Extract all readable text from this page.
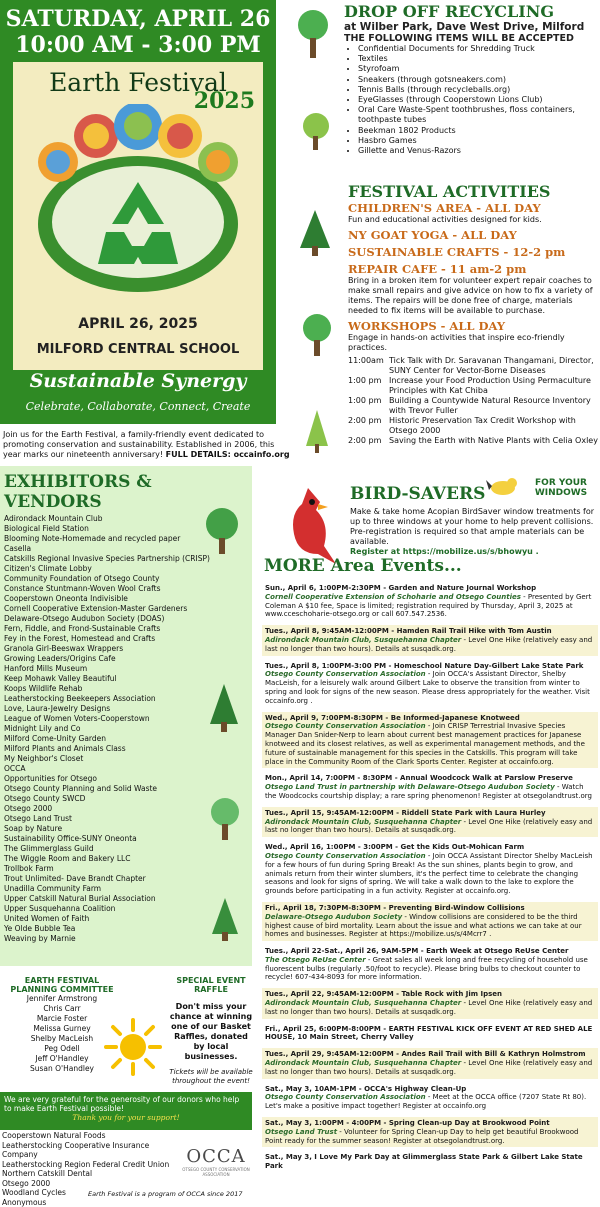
SATURDAY, APRIL 26
10:00 AM - 3:00 PM
Earth Festival
2025
APRIL 26, 2025
MILFORD CENTRAL SCHOOL
Sustainable Synergy
Celebrate, Collaborate, Connect, Create
Join us for the Earth Festival, a family-friendly event dedicated to promoting conservation and sustainability. Established in 2006, this year marks our nineteenth anniversary! FULL DETAILS: occainfo.org
DROP OFF RECYCLING
at Wilber Park, Dave West Drive, Milford
THE FOLLOWING ITEMS WILL BE ACCEPTED
• Confidential Documents for Shredding Truck
• Textiles
• Styrofoam
• Sneakers (through gotsneakers.com)
• Tennis Balls (through recycleballs.org)
• EyeGlasses (through Cooperstown Lions Club)
• Oral Care Waste-Spent toothbrushes, floss containers, toothpaste tubes
• Beekman 1802 Products
• Hasbro Games
• Gillette and Venus-Razors
FESTIVAL ACTIVITIES
CHILDREN'S AREA - ALL DAY
Fun and educational activities designed for kids.
NY GOAT YOGA - ALL DAY
SUSTAINABLE CRAFTS - 12-2 pm
REPAIR CAFE - 11 am-2 pm
Bring in a broken item for volunteer expert repair coaches to make small repairs and give advice on how to fix a variety of items. The repairs will be done free of charge, materials needed to fix items will be available to purchase.
WORKSHOPS - ALL DAY
Engage in hands-on activities that inspire eco-friendly practices.
11:00am Tick Talk with Dr. Saravanan Thangamani, Director, SUNY Center for Vector-Borne Diseases
1:00 pm Increase your Food Production Using Permaculture Principles with Kat Chiba
1:00 pm Building a Countywide Natural Resource Inventory with Trevor Fuller
2:00 pm Historic Preservation Tax Credit Workshop with Otsego 2000
2:00 pm Saving the Earth with Native Plants with Celia Oxley
BIRD-SAVERS
FOR YOUR WINDOWS
Make & take home Acopian BirdSaver window treatments for up to three windows at your home to help prevent collisions. Pre-registration is required so that ample materials can be available.
Register at https://mobilize.us/s/bhowyu .
EXHIBITORS & VENDORS
Adirondack Mountain Club
Biological Field Station
Blooming Note-Homemade and recycled paper
Casella
Catskills Regional Invasive Species Partnership (CRISP)
Citizen's Climate Lobby
Community Foundation of Otsego County
Constance Stuntmann-Woven Wool Crafts
Cooperstown Oneonta Indivisible
Cornell Cooperative Extension-Master Gardeners
Delaware-Otsego Audubon Society (DOAS)
Fern, Fiddle, and Frond-Sustainable Crafts
Fey in the Forest, Homestead and Crafts
Granola Girl-Beeswax Wrappers
Growing Leaders/Origins Cafe
Hanford Mills Museum
Keep Mohawk Valley Beautiful
Koops Wildlife Rehab
Leatherstocking Beekeepers Association
Love, Laura-Jewelry Designs
League of Women Voters-Cooperstown
Midnight Lily and Co
Milford Come-Unity Garden
Milford Plants and Animals Class
My Neighbor's Closet
OCCA
Opportunities for Otsego
Otsego County Planning and Solid Waste
Otsego County SWCD
Otsego 2000
Otsego Land Trust
Soap by Nature
Sustainability Office-SUNY Oneonta
The Glimmerglass Guild
The Wiggle Room and Bakery LLC
Trollbok Farm
Trout Unlimited- Dave Brandt Chapter
Unadilla Community Farm
Upper Catskill Natural Burial Association
Upper Susquehanna Coalition
United Women of Faith
Ye Olde Bubble Tea
Weaving by Marnie
EARTH FESTIVAL PLANNING COMMITTEE
Jennifer Armstrong
Chris Carr
Marcie Foster
Melissa Gurney
Shelby MacLeish
Peg Odell
Jeff O'Handley
Susan O'Handley
SPECIAL EVENT RAFFLE
Don't miss your chance at winning one of our Basket Raffles, donated by local businesses.
Tickets will be available throughout the event!
We are very grateful for the generosity of our donors who help to make Earth Festival possible!
Thank you for your support!
Cooperstown Natural Foods
Leatherstocking Cooperative Insurance Company
Leatherstocking Region Federal Credit Union
Northern Catskill Dental
Otsego 2000
Woodland Cycles
Anonymous
OCCA
OTSEGO COUNTY CONSERVATION ASSOCIATION
Earth Festival is a program of OCCA since 2017
MORE Area Events...
Sun., April 6, 1:00PM-2:30PM - Garden and Nature Journal Workshop
Cornell Cooperative Extension of Schoharie and Otsego Counties - Presented by Gert Coleman A $10 fee, Space is limited; registration required by Thursday, April 3, 2025 at www.cceschoharie-otsego.org or call 607.547.2536.
Tues., April 8, 9:45AM-12:00PM - Hamden Rail Trail Hike with Tom Austin
Adirondack Mountain Club, Susquehanna Chapter - Level One Hike (relatively easy and last no longer than two hours). Details at susqadk.org.
Tues., April 8, 1:00PM-3:00 PM - Homeschool Nature Day-Gilbert Lake State Park
Otsego County Conservation Association - Join OCCA's Assistant Director, Shelby MacLeish, for a leisurely walk around Gilbert Lake to observe the transition from winter to spring and look for signs of the new season. Please dress appropriately for the weather. Visit occainfo.org .
Wed., April 9, 7:00PM-8:30PM - Be Informed-Japanese Knotweed
Otsego County Conservation Association - Join CRISP Terrestrial Invasive Species Manager Dan Snider-Nerp to learn about current best management practices for Japanese knotweed and its closest relatives, as well as experimental management methods, and the future of sustainable management for this species in the Catskills. This program will take place in the Community Room of the Clark Sports Center. Register at occainfo.org.
Mon., April 14, 7:00PM - 8:30PM - Annual Woodcock Walk at Parslow Preserve
Otsego Land Trust in partnership with Delaware-Otsego Audubon Society - Watch the Woodcocks courtship display; a rare spring phenomenon! Register at otsegolandtrust.org
Tues., April 15, 9:45AM-12:00PM - Riddell State Park with Laura Hurley
Adirondack Mountain Club, Susquehanna Chapter - Level One Hike (relatively easy and last no longer than two hours). Details at susqadk.org.
Wed., April 16, 1:00PM - 3:00PM - Get the Kids Out-Mohican Farm
Otsego County Conservation Association - Join OCCA Assistant Director Shelby MacLeish for a few hours of fun during Spring Break! As the sun shines, plants begin to grow, and animals return from their winter slumbers, it's the perfect time to celebrate the changing seasons and look for signs of spring. We will take a walk down to the lake to explore the grounds before participating in a fun activity. Register at occainfo.org.
Fri., April 18, 7:30PM-8:30PM - Preventing Bird-Window Collisions
Delaware-Otsego Audubon Society - Window collisions are considered to be the third highest cause of bird mortality. Learn about the issue and what actions we can take at our homes and businesses. Register at https://mobilize.us/s/4Mcrr7 .
Tues., April 22-Sat., April 26, 9AM-5PM - Earth Week at Otsego ReUse Center
The Otsego ReUse Center - Great sales all week long and free recycling of household use fluorescent bulbs (regularly .50/foot to recycle). Please bring bulbs to checkout counter to recycle! 607-434-8093 for more information.
Tues., April 22, 9:45AM-12:00PM - Table Rock with Jim Ipsen
Adirondack Mountain Club, Susquehanna Chapter - Level One Hike (relatively easy and last no longer than two hours). Details at susqadk.org.
Fri., April 25, 6:00PM-8:00PM - EARTH FESTIVAL KICK OFF EVENT AT RED SHED ALE HOUSE, 10 Main Street, Cherry Valley
Tues., April 29, 9:45AM-12:00PM - Andes Rail Trail with Bill & Kathryn Holmstrom
Adirondack Mountain Club, Susquehanna Chapter - Level One Hike (relatively easy and last no longer than two hours). Details at susqadk.org.
Sat., May 3, 10AM-1PM - OCCA's Highway Clean-Up
Otsego County Conservation Association - Meet at the OCCA office (7207 State Rt 80). Let's make a positive impact together! Register at occainfo.org
Sat., May 3, 1:00PM - 4:00PM - Spring Clean-up Day at Brookwood Point
Otsego Land Trust - Volunteer for Spring Clean-up Day to help get beautiful Brookwood Point ready for the summer season! Register at otsegolandtrust.org.
Sat., May 3, I Love My Park Day at Glimmerglass State Park & Gilbert Lake State Park
